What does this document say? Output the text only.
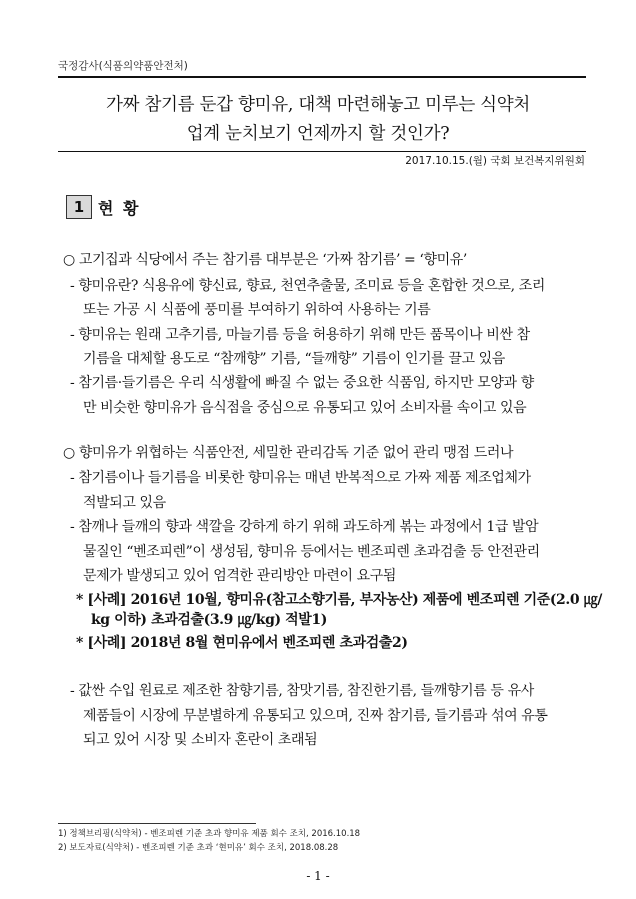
국정감사(식품의약품안전처)
가짜 참기름 둔갑 향미유, 대책 마련해놓고 미루는 식약처
업계 눈치보기 언제까지 할 것인가?
2017.10.15.(월) 국회 보건복지위원회
1 현 황
○ 고기집과 식당에서 주는 참기름 대부분은 ‘가짜 참기름’ = ‘향미유’
- 향미유란? 식용유에 향신료, 향료, 천연추출물, 조미료 등을 혼합한 것으로, 조리
또는 가공 시 식품에 풍미를 부여하기 위하여 사용하는 기름
- 향미유는 원래 고추기름, 마늘기름 등을 허용하기 위해 만든 품목이나 비싼 참
기름을 대체할 용도로 “참깨향” 기름, “들깨향” 기름이 인기를 끌고 있음
- 참기름·들기름은 우리 식생활에 빠질 수 없는 중요한 식품임, 하지만 모양과 향
만 비슷한 향미유가 음식점을 중심으로 유통되고 있어 소비자를 속이고 있음
○ 향미유가 위협하는 식품안전, 세밀한 관리감독 기준 없어 관리 맹점 드러나
- 참기름이나 들기름을 비롯한 향미유는 매년 반복적으로 가짜 제품 제조업체가
적발되고 있음
- 참깨나 들깨의 향과 색깔을 강하게 하기 위해 과도하게 볶는 과정에서 1급 발암
물질인 “벤조피렌”이 생성됨, 향미유 등에서는 벤조피렌 초과검출 등 안전관리
문제가 발생되고 있어 엄격한 관리방안 마련이 요구됨
* [사례] 2016년 10월, 향미유(참고소향기름, 부자농산) 제품에 벤조피렌 기준(2.0 ㎍/
kg 이하) 초과검출(3.9 ㎍/kg) 적발1)
* [사례] 2018년 8월 현미유에서 벤조피렌 초과검출2)
- 값싼 수입 원료로 제조한 참향기름, 참맛기름, 참진한기름, 들깨향기름 등 유사
제품들이 시장에 무분별하게 유통되고 있으며, 진짜 참기름, 들기름과 섞여 유통
되고 있어 시장 및 소비자 혼란이 초래됨
1) 정책브리핑(식약처) - 벤조피렌 기준 초과 향미유 제품 회수 조치, 2016.10.18
2) 보도자료(식약처) - 벤조피렌 기준 초과 ‘현미유’ 회수 조치, 2018.08.28
- 1 -
